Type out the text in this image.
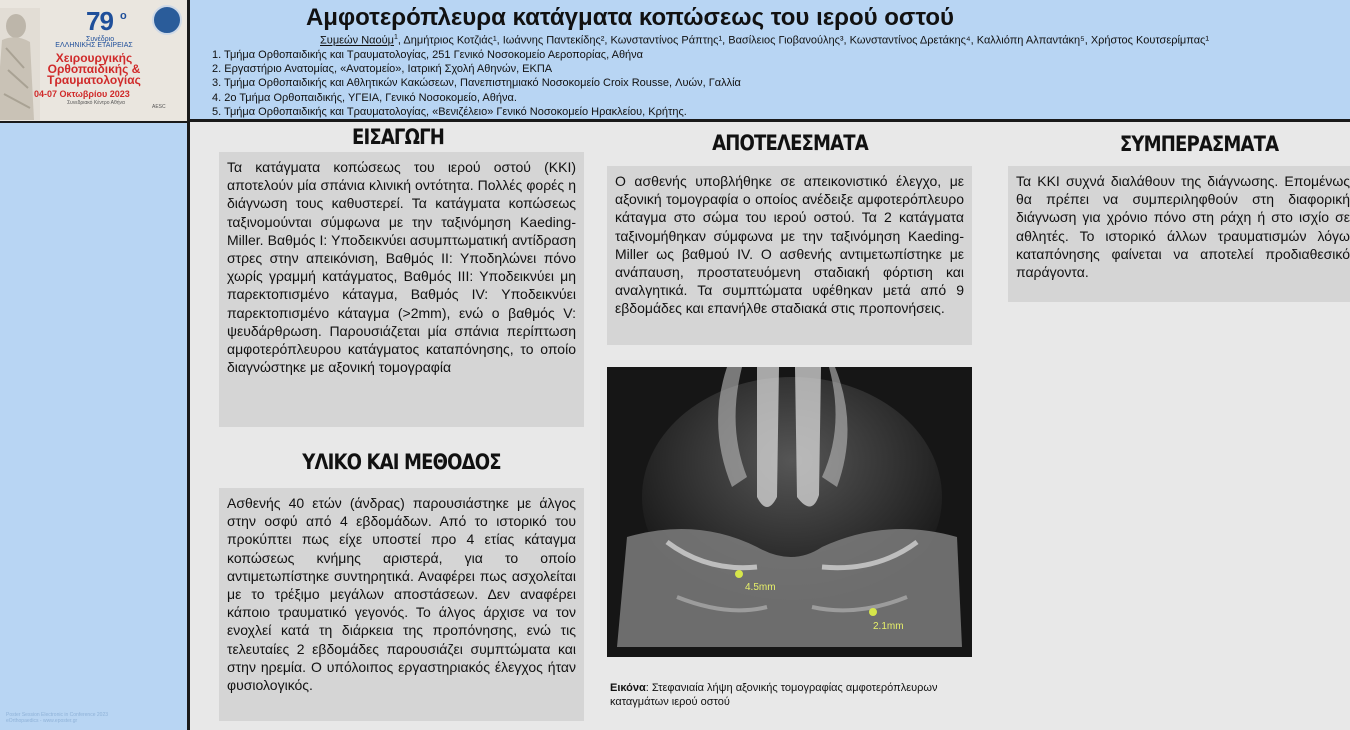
79 ο
Συνέδριο
ΕΛΛΗΝΙΚΗΣ ΕΤΑΙΡΕΙΑΣ
Χειρουργικής
Ορθοπαιδικής &
Τραυματολογίας
04-07 Οκτωβρίου 2023
Συνεδριακό Κέντρο Αθήνα
AESC
Poster Session Electronic in Conference 2023
eOrthopaedics - www.eposter.gr
Αμφοτερόπλευρα κατάγματα κοπώσεως του ιερού οστού
Συμεών Ναούμ$^1$, Δημήτριος Κοτζιάς¹, Ιωάννης Παντεκίδης², Κωνσταντίνος Ράπτης¹, Βασίλειος Γιοβανούλης³, Κωνσταντίνος Δρετάκης⁴, Καλλιόπη Αλπαντάκη⁵, Χρήστος Κουτσερίμπας¹
1. Τμήμα Ορθοπαιδικής και Τραυματολογίας, 251 Γενικό Νοσοκομείο Αεροπορίας, Αθήνα
2. Εργαστήριο Ανατομίας, «Ανατομείο», Ιατρική Σχολή Αθηνών, ΕΚΠΑ
3. Τμήμα Ορθοπαιδικής και Αθλητικών Κακώσεων, Πανεπιστημιακό Νοσοκομείο Croix Rousse, Λυών, Γαλλία
4. 2ο Τμήμα Ορθοπαιδικής, ΥΓΕΙΑ, Γενικό Νοσοκομείο, Αθήνα.
5. Τμήμα Ορθοπαιδικής και Τραυματολογίας, «Βενιζέλειο» Γενικό Νοσοκομείο Ηρακλείου, Κρήτης.
ΕΙΣΑΓΩΓΗ
Τα κατάγματα κοπώσεως του ιερού οστού (ΚΚΙ) αποτελούν μία σπάνια κλινική οντότητα. Πολλές φορές η διάγνωση τους καθυστερεί. Τα κατάγματα κοπώσεως ταξινομούνται σύμφωνα με την ταξινόμηση Kaeding-Miller. Βαθμός Ι: Υποδεικνύει ασυμπτωματική αντίδραση στρες στην απεικόνιση, Βαθμός ΙΙ: Υποδηλώνει πόνο χωρίς γραμμή κατάγματος, Βαθμός ΙΙΙ: Υποδεικνύει μη παρεκτοπισμένο κάταγμα, Βαθμός IV: Υποδεικνύει παρεκτοπισμένο κάταγμα (>2mm), ενώ ο βαθμός V: ψευδάρθρωση. Παρουσιάζεται μία σπάνια περίπτωση αμφοτερόπλευρου κατάγματος καταπόνησης, το οποίο διαγνώστηκε με αξονική τομογραφία
ΥΛΙΚΟ ΚΑΙ ΜΕΘΟΔΟΣ
Ασθενής 40 ετών (άνδρας) παρουσιάστηκε με άλγος στην οσφύ από 4 εβδομάδων. Από το ιστορικό του προκύπτει πως είχε υποστεί προ 4 ετίας κάταγμα κοπώσεως κνήμης αριστερά, για το οποίο αντιμετωπίστηκε συντηρητικά. Αναφέρει πως ασχολείται με το τρέξιμο μεγάλων αποστάσεων. Δεν αναφέρει κάποιο τραυματικό γεγονός. Το άλγος άρχισε να τον ενοχλεί κατά τη διάρκεια της προπόνησης, ενώ τις τελευταίες 2 εβδομάδες παρουσιάζει συμπτώματα και στην ηρεμία. Ο υπόλοιπος εργαστηριακός έλεγχος ήταν φυσιολογικός.
ΑΠΟΤΕΛΕΣΜΑΤΑ
Ο ασθενής υποβλήθηκε σε απεικονιστικό έλεγχο, με αξονική τομογραφία ο οποίος ανέδειξε αμφοτερόπλευρο κάταγμα στο σώμα του ιερού οστού. Τα 2 κατάγματα ταξινομήθηκαν σύμφωνα με την ταξινόμηση Kaeding-Miller ως βαθμού IV. Ο ασθενής αντιμετωπίστηκε με ανάπαυση, προστατευόμενη σταδιακή φόρτιση και αναλγητικά. Τα συμπτώματα υφέθηκαν μετά από 9 εβδομάδες και επανήλθε σταδιακά στις προπονήσεις.
4.5mm
2.1mm
Εικόνα: Στεφανιαία λήψη αξονικής τομογραφίας αμφοτερόπλευρων καταγμάτων ιερού οστού
ΣΥΜΠΕΡΑΣΜΑΤΑ
Τα ΚΚΙ συχνά διαλάθουν της διάγνωσης. Επομένως θα πρέπει να συμπεριληφθούν στη διαφορική διάγνωση για χρόνιο πόνο στη ράχη ή στο ισχίο σε αθλητές. Το ιστορικό άλλων τραυματισμών λόγω καταπόνησης φαίνεται να αποτελεί προδιαθεσικό παράγοντα.
